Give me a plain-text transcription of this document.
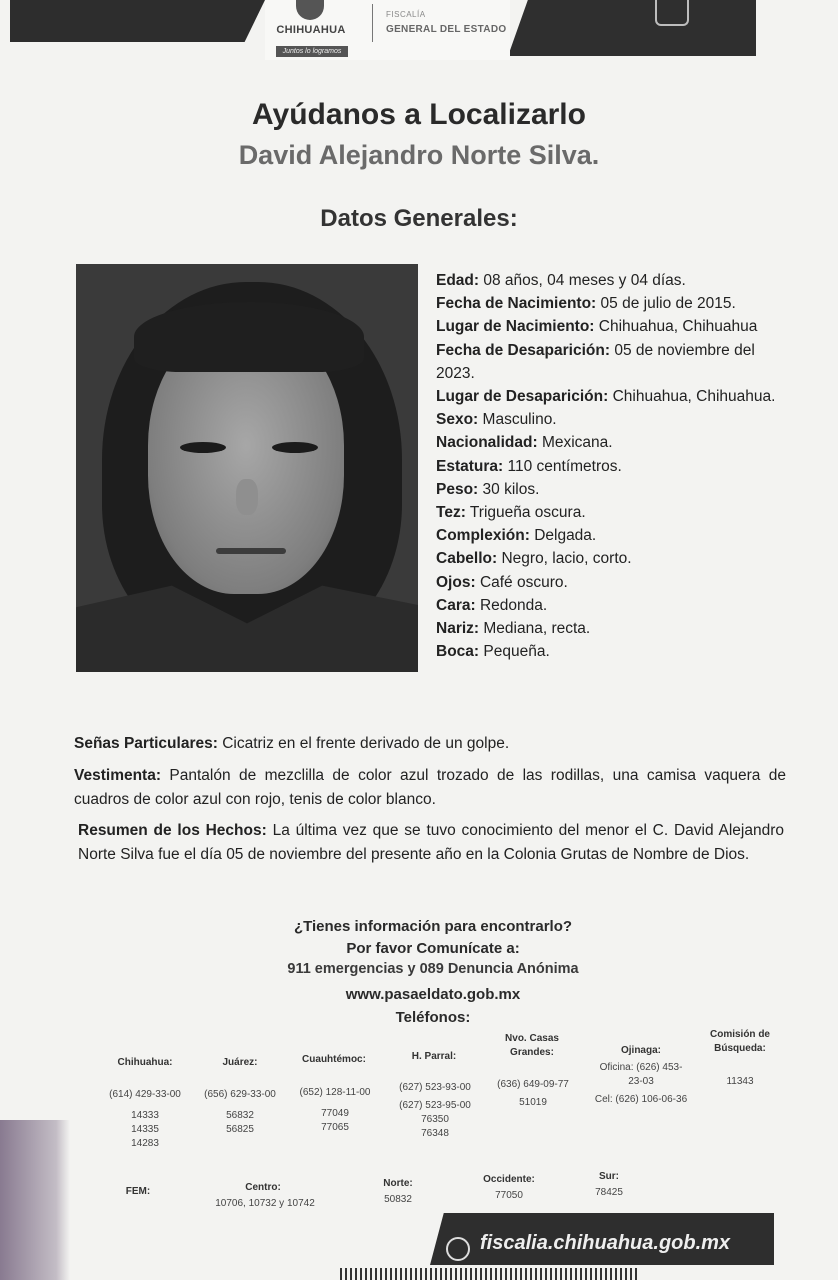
CHIHUAHUA
Juntos lo logramos
FISCALÍA
GENERAL DEL ESTADO
Ayúdanos a Localizarlo
David Alejandro Norte Silva.
Datos Generales:

Edad: 08 años, 04 meses y 04 días.

Fecha de Nacimiento: 05 de julio de 2015.

Lugar de Nacimiento: Chihuahua, Chihuahua

Fecha de Desaparición: 05 de noviembre del 2023.

Lugar de Desaparición: Chihuahua, Chihuahua.

Sexo: Masculino.

Nacionalidad: Mexicana.

Estatura: 110 centímetros.

Peso: 30 kilos.

Tez: Trigueña oscura.

Complexión: Delgada.

Cabello: Negro, lacio, corto.

Ojos: Café oscuro.

Cara: Redonda.

Nariz: Mediana, recta.

Boca: Pequeña.

Señas Particulares: Cicatriz en el frente derivado de un golpe.
Vestimenta: Pantalón de mezclilla de color azul trozado de las rodillas, una camisa vaquera de cuadros de color azul con rojo, tenis de color blanco.
Resumen de los Hechos: La última vez que se tuvo conocimiento del menor el C. David Alejandro Norte Silva fue el día 05 de noviembre del presente año en la Colonia Grutas de Nombre de Dios.
¿Tienes información para encontrarlo?
Por favor Comunícate a:
911 emergencias y 089 Denuncia Anónima
www.pasaeldato.gob.mx
Teléfonos:
Chihuahua:
(614) 429-33-00
14333
14335
14283
Juárez:
(656) 629-33-00
56832
56825
Cuauhtémoc:
(652) 128-11-00
77049
77065
H. Parral:
(627) 523-93-00
(627) 523-95-00
76350
76348
Nvo. Casas
Grandes:
(636) 649-09-77
51019
Ojinaga:
Oficina: (626) 453-
23-03
Cel: (626) 106-06-36
Comisión de
Búsqueda:
11343
FEM:	Centro:
10706, 10732 y 10742
Norte:
50832
Occidente:
77050
Sur:
78425
fiscalia.chihuahua.gob.mx
